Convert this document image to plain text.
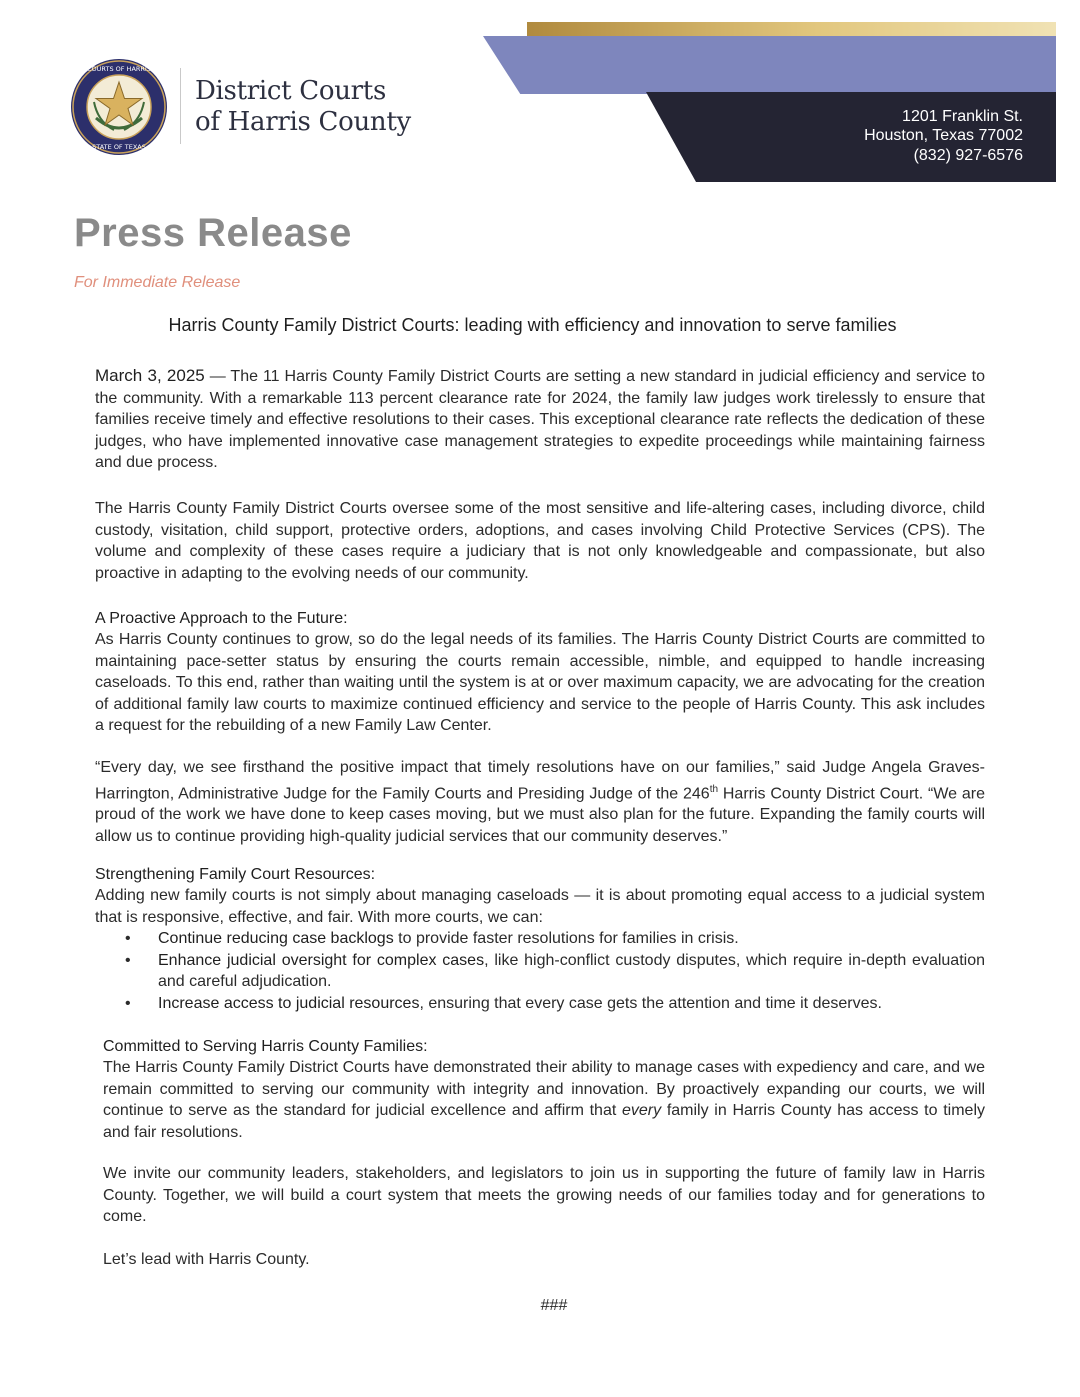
1201 Franklin St.
Houston, Texas 77002
(832) 927-6576
COURTS OF HARRIS
STATE OF TEXAS
District Courts
of Harris County
Press Release
For Immediate Release
Harris County Family District Courts: leading with efficiency and innovation to serve families

March 3, 2025 — The 11 Harris County Family District Courts are setting a new standard in judicial efficiency and service to the community. With a remarkable 113 percent clearance rate for 2024, the family law judges work tirelessly to ensure that families receive timely and effective resolutions to their cases. This exceptional clearance rate reflects the dedication of these judges, who have implemented innovative case management strategies to expedite proceedings while maintaining fairness and due process.

The Harris County Family District Courts oversee some of the most sensitive and life-altering cases, including divorce, child custody, visitation, child support, protective orders, adoptions, and cases involving Child Protective Services (CPS). The volume and complexity of these cases require a judiciary that is not only knowledgeable and compassionate, but also proactive in adapting to the evolving needs of our community.

A Proactive Approach to the Future:

As Harris County continues to grow, so do the legal needs of its families. The Harris County District Courts are committed to maintaining pace-setter status by ensuring the courts remain accessible, nimble, and equipped to handle increasing caseloads. To this end, rather than waiting until the system is at or over maximum capacity, we are advocating for the creation of additional family law courts to maximize continued efficiency and service to the people of Harris County. This ask includes a request for the rebuilding of a new Family Law Center.

“Every day, we see firsthand the positive impact that timely resolutions have on our families,” said Judge Angela Graves-Harrington, Administrative Judge for the Family Courts and Presiding Judge of the 246th Harris County District Court. “We are proud of the work we have done to keep cases moving, but we must also plan for the future. Expanding the family courts will allow us to continue providing high-quality judicial services that our community deserves.”

Strengthening Family Court Resources:

Adding new family courts is not simply about managing caseloads — it is about promoting equal access to a judicial system that is responsive, effective, and fair. With more courts, we can:

• Continue reducing case backlogs to provide faster resolutions for families in crisis.
• Enhance judicial oversight for complex cases, like high-conflict custody disputes, which require in-depth evaluation and careful adjudication.
• Increase access to judicial resources, ensuring that every case gets the attention and time it deserves.

Committed to Serving Harris County Families:

The Harris County Family District Courts have demonstrated their ability to manage cases with expediency and care, and we remain committed to serving our community with integrity and innovation. By proactively expanding our courts, we will continue to serve as the standard for judicial excellence and affirm that every family in Harris County has access to timely and fair resolutions.

We invite our community leaders, stakeholders, and legislators to join us in supporting the future of family law in Harris County. Together, we will build a court system that meets the growing needs of our families today and for generations to come.

Let’s lead with Harris County.

###
